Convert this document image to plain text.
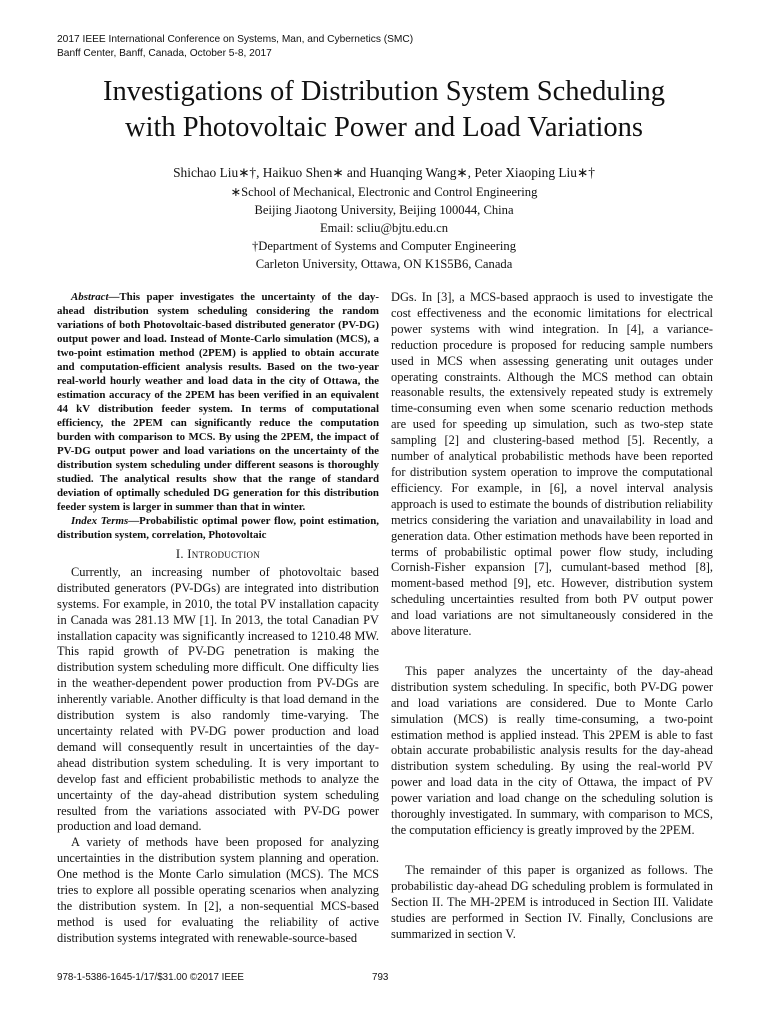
2017 IEEE International Conference on Systems, Man, and Cybernetics (SMC)
Banff Center, Banff, Canada, October 5-8, 2017
Investigations of Distribution System Scheduling
with Photovoltaic Power and Load Variations
Shichao Liu∗†, Haikuo Shen∗ and Huanqing Wang∗, Peter Xiaoping Liu∗†
∗School of Mechanical, Electronic and Control Engineering
Beijing Jiaotong University, Beijing 100044, China
Email: scliu@bjtu.edu.cn
†Department of Systems and Computer Engineering
Carleton University, Ottawa, ON K1S5B6, Canada

Abstract—This paper investigates the uncertainty of the day-ahead distribution system scheduling considering the random variations of both Photovoltaic-based distributed generator (PV-DG) output power and load. Instead of Monte-Carlo simulation (MCS), a two-point estimation method (2PEM) is applied to obtain accurate and computation-efficient analysis results. Based on the two-year real-world hourly weather and load data in the city of Ottawa, the estimation accuracy of the 2PEM has been verified in an equivalent 44 kV distribution feeder system. In terms of computational efficiency, the 2PEM can significantly reduce the computation burden with comparison to MCS. By using the 2PEM, the impact of PV-DG output power and load variations on the uncertainty of the distribution system scheduling under different seasons is thoroughly studied. The analytical results show that the range of standard deviation of optimally scheduled DG generation for this distribution feeder system is larger in summer than that in winter.

Index Terms—Probabilistic optimal power flow, point estimation, distribution system, correlation, Photovoltaic

I. Introduction

Currently, an increasing number of photovoltaic based distributed generators (PV-DGs) are integrated into distribution systems. For example, in 2010, the total PV installation capacity in Canada was 281.13 MW [1]. In 2013, the total Canadian PV installation capacity was significantly increased to 1210.48 MW. This rapid growth of PV-DG penetration is making the distribution system scheduling more difficult. One difficulty lies in the weather-dependent power production from PV-DGs are inherently variable. Another difficulty is that load demand in the distribution system is also randomly time-varying. The uncertainty related with PV-DG power production and load demand will consequently result in uncertainties of the day-ahead distribution system scheduling. It is very important to develop fast and efficient probabilistic methods to analyze the uncertainty of the day-ahead distribution system scheduling resulted from the variations associated with PV-DG power production and load demand.

A variety of methods have been proposed for analyzing uncertainties in the distribution system planning and operation. One method is the Monte Carlo simulation (MCS). The MCS tries to explore all possible operating scenarios when analyzing the distribution system. In [2], a non-sequential MCS-based method is used for evaluating the reliability of active distribution systems integrated with renewable-source-based

DGs. In [3], a MCS-based appraoch is used to investigate the cost effectiveness and the economic limitations for electrical power systems with wind integration. In [4], a variance-reduction procedure is proposed for reducing sample numbers used in MCS when assessing generating unit outages under operating constraints. Although the MCS method can obtain reasonable results, the extensively repeated study is extremely time-consuming even when some scenario reduction methods are used for speeding up simulation, such as two-step state sampling [2] and clustering-based method [5]. Recently, a number of analytical probabilistic methods have been reported for distribution system operation to improve the computational efficiency. For example, in [6], a novel interval analysis approach is used to estimate the bounds of distribution reliability metrics considering the variation and unavailability in load and generation data. Other estimation methods have been reported in terms of probabilistic optimal power flow study, including Cornish-Fisher expansion [7], cumulant-based method [8], moment-based method [9], etc. However, distribution system scheduling uncertainties resulted from both PV output power and load variations are not simultaneously considered in the above literature.

This paper analyzes the uncertainty of the day-ahead distribution system scheduling. In specific, both PV-DG power and load variations are considered. Due to Monte Carlo simulation (MCS) is really time-consuming, a two-point estimation method is applied instead. This 2PEM is able to fast obtain accurate probabilistic analysis results for the day-ahead distribution system scheduling. By using the real-world PV power and load data in the city of Ottawa, the impact of PV power variation and load change on the scheduling solution is thoroughly investigated. In summary, with comparison to MCS, the computation efficiency is greatly improved by the 2PEM.

The remainder of this paper is organized as follows. The probabilistic day-ahead DG scheduling problem is formulated in Section II. The MH-2PEM is introduced in Section III. Validate studies are performed in Section IV. Finally, Conclusions are summarized in section V.

978-1-5386-1645-1/17/$31.00 ©2017 IEEE	793
